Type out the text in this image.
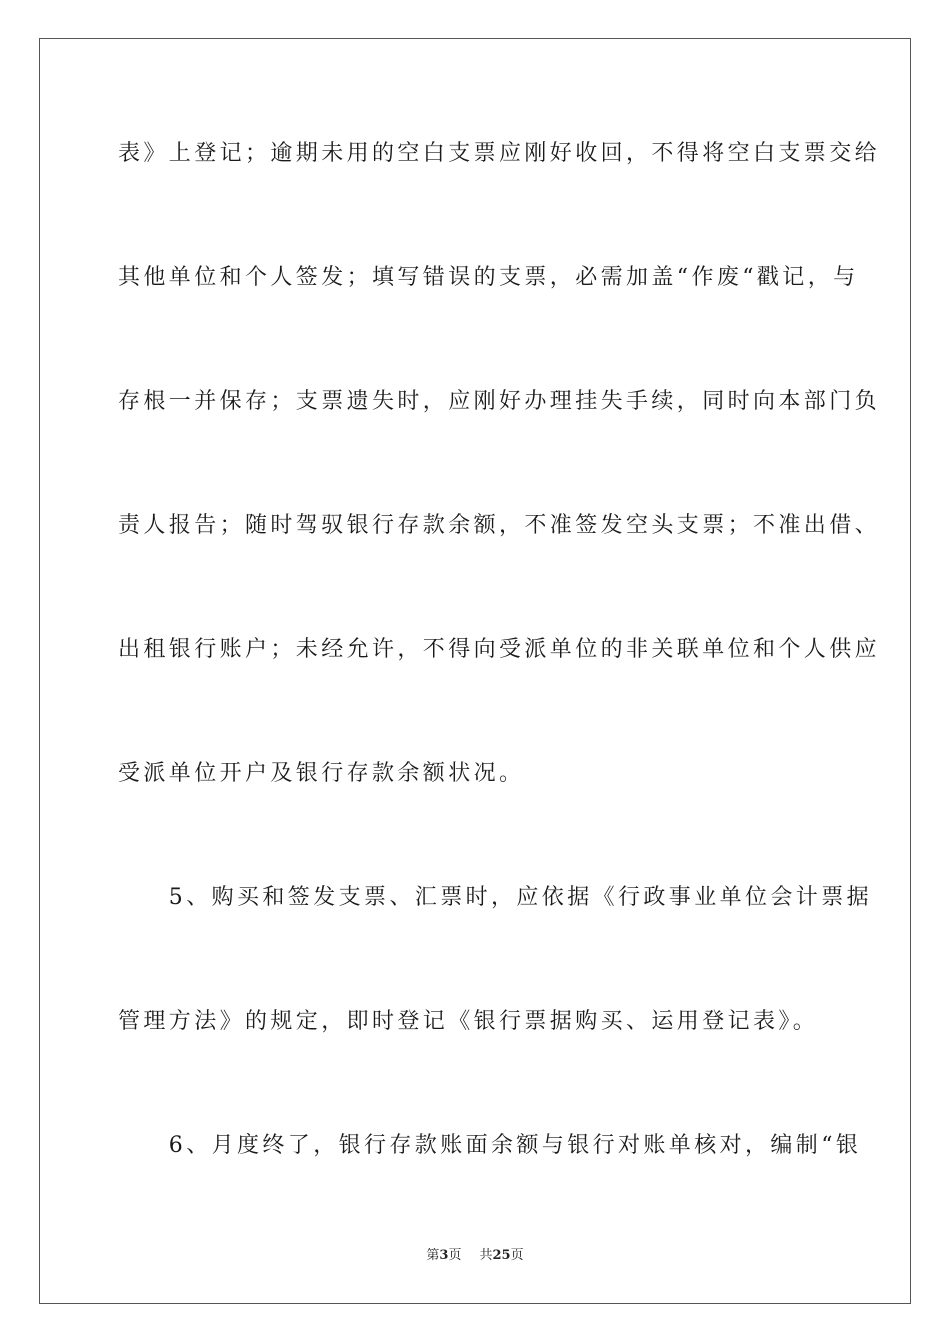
表》上登记；逾期未用的空白支票应刚好收回，不得将空白支票交给
其他单位和个人签发；填写错误的支票，必需加盖“作废“戳记，与
存根一并保存；支票遗失时，应刚好办理挂失手续，同时向本部门负
责人报告；随时驾驭银行存款余额，不准签发空头支票；不准出借、
出租银行账户；未经允许，不得向受派单位的非关联单位和个人供应
受派单位开户及银行存款余额状况。
　　5、购买和签发支票、汇票时，应依据《行政事业单位会计票据
管理方法》的规定，即时登记《银行票据购买、运用登记表》。
　　6、月度终了，银行存款账面余额与银行对账单核对，编制“银
第3页 共25页
